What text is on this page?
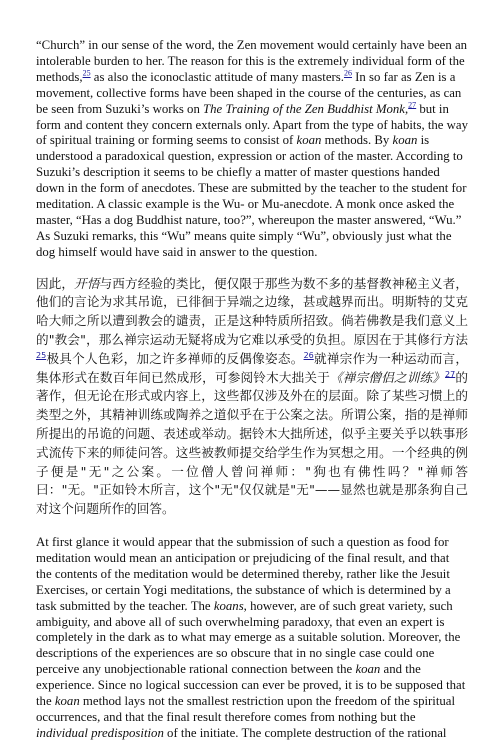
“Church” in our sense of the word, the Zen movement would certainly have been an intolerable burden to her. The reason for this is the extremely individual form of the methods,$^{25}$ as also the iconoclastic attitude of many masters.$^{26}$ In so far as Zen is a movement, collective forms have been shaped in the course of the centuries, as can be seen from Suzuki’s works on The Training of the Zen Buddhist Monk,$^{27}$ but in form and content they concern externals only. Apart from the type of habits, the way of spiritual training or forming seems to consist of koan methods. By koan is understood a paradoxical question, expression or action of the master. According to Suzuki’s description it seems to be chiefly a matter of master questions handed down in the form of anecdotes. These are submitted by the teacher to the student for meditation. A classic example is the Wu- or Mu-anecdote. A monk once asked the master, “Has a dog Buddhist nature, too?”, whereupon the master answered, “Wu.” As Suzuki remarks, this “Wu” means quite simply “Wu”, obviously just what the dog himself would have said in answer to the question.

因此，开悟与西方经验的类比，便仅限于那些为数不多的基督教神秘主义者，他们的言论为求其吊诡，已徘徊于异端之边缘，甚或越界而出。明斯特的艾克哈大师之所以遭到教会的谴责，正是这种特质所招致。倘若佛教是我们意义上的"教会"，那么禅宗运动无疑将成为它难以承受的负担。原因在于其修行方法$^{25}$极具个人色彩，加之许多禅师的反偶像姿态。$^{26}$就禅宗作为一种运动而言，集体形式在数百年间已然成形，可参阅铃木大拙关于《禅宗僧侣之训练》$^{27}$的著作，但无论在形式或内容上，这些都仅涉及外在的层面。除了某些习惯上的类型之外，其精神训练或陶养之道似乎在于公案之法。所谓公案，指的是禅师所提出的吊诡的问题、表述或举动。据铃木大拙所述，似乎主要关乎以轶事形式流传下来的师徒问答。这些被教师提交给学生作为冥想之用。一个经典的例子便是"无"之公案。一位僧人曾问禅师："狗也有佛性吗？"禅师答曰："无。"正如铃木所言，这个"无"仅仅就是"无"——显然也就是那条狗自己对这个问题所作的回答。

At first glance it would appear that the submission of such a question as food for meditation would mean an anticipation or prejudicing of the final result, and that the contents of the meditation would be determined thereby, rather like the Jesuit Exercises, or certain Yogi meditations, the substance of which is determined by a task submitted by the teacher. The koans, however, are of such great variety, such ambiguity, and above all of such overwhelming paradoxy, that even an expert is completely in the dark as to what may emerge as a suitable solution. Moreover, the descriptions of the experiences are so obscure that in no single case could one perceive any unobjectionable rational connection between the koan and the experience. Since no logical succession can ever be proved, it is to be supposed that the koan method lays not the smallest restriction upon the freedom of the spiritual occurrences, and that the final result therefore comes from nothing but the individual predisposition of the initiate. The complete destruction of the rational
